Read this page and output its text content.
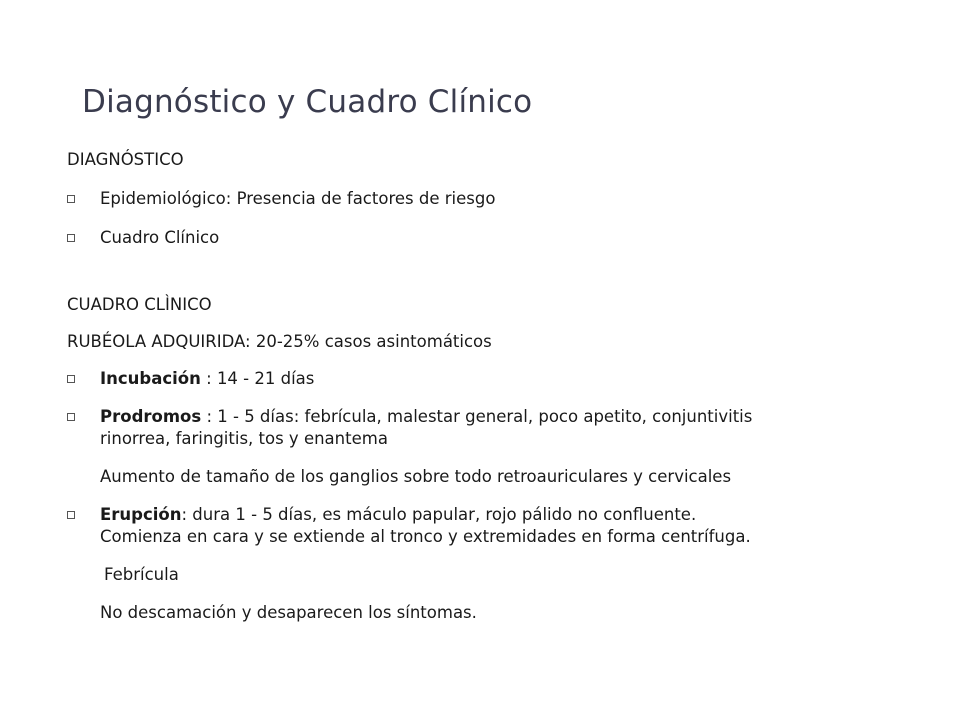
Diagnóstico y Cuadro Clínico

DIAGNÓSTICO

Epidemiológico: Presencia de factores de riesgo

Cuadro Clínico

CUADRO CLÌNICO

RUBÉOLA ADQUIRIDA: 20-25% casos asintomáticos

Incubación : 14 - 21 días

Prodromos : 1 - 5 días: febrícula, malestar general, poco apetito, conjuntivitis
rinorrea, faringitis, tos y enantema

Aumento de tamaño de los ganglios sobre todo retroauriculares y cervicales

Erupción: dura 1 - 5 días, es máculo papular, rojo pálido no confluente.
Comienza en cara y se extiende al tronco y extremidades en forma centrífuga.

Febrícula

No descamación y desaparecen los síntomas.
